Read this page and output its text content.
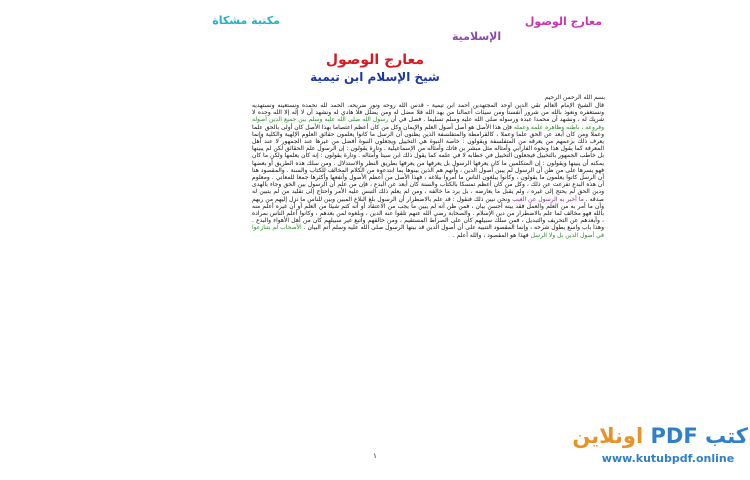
معارج الوصول
الإسلامية
مكتبة مشكاة
معارج الوصول
شيخ الإسلام ابن تيمية
بسم الله الرحمن الرحيم
قال الشيخ الإمام العالم تقي الدين أوحد المجتهدين أحمد ابن تيمية - قدس الله روحه ونور ضريحه. الحمد لله نحمده ونستعينه ونستهديه ونستغفره ونعوذ بالله من شرور أنفسنا ومن سيئات أعمالنا من يهد الله فلا مضل له ومن يضلل فلا هادي له ونشهد أن لا إله إلا الله وحده لا شريك له ، ونشهد أن محمدا عبده ورسوله صلى الله عليه وسلم تسليما . فصل في أن رسول الله صلى الله عليه وسلم بين جميع الدين أصوله وفروعه ، باطنه وظاهره علمه وعمله فإن هذا الأصل هو أصل أصول العلم والإيمان وكل من كان أعظم اعتصاما بهذا الأصل كان أولى بالحق علما وعملا ومن كان أبعد عن الحق علما وعملا ، كالقرامطة والمتفلسفة الذين يظنون أن الرسل ما كانوا يعلمون حقائق العلوم الإلهية والكلية وإنما يعرف ذلك بزعمهم من يعرفه من المتفلسفة ويقولون : خاصة النبوة هي التخييل ويجعلون النبوة أفضل من غيرها عند الجمهور لا عند أهل المعرفة كما يقول هذا ونحوه الفارابي وأمثاله مثل مبشر بن فاتك وأمثاله من الإسماعيلية . وتارة يقولون : إن الرسول علم الحقائق لكن لم يبينها بل خاطب الجمهور بالتخييل فيجعلون التخييل في خطابه لا في علمه كما يقول ذلك ابن سينا وأمثاله . وتارة يقولون : إنه كان يعلمها ولكن ما كان يمكنه أن يبينها ويقولون : إن المتكلمين ما كان يعرفها الرسول بل يعرفها من يعرفها بطريق النظر والاستدلال . ومن سلك هذه الطريق أو بعضها فهو يسرها على من ظن أن الرسول لم يبين أصول الدين ، وأنهم هم الذين بينوها بما ابتدعوه من الكلام المخالف للكتاب والسنة . والمقصود هنا أن الرسل كانوا يعلمون ما يقولون ، وكانوا يبلغون الناس ما أمروا ببلاغه ، فهذا الأصل من أعظم الأصول وأنفعها وأكثرها جمعا للمعاني . ومعلوم أن هذه البدع تفرعت عن ذلك ، وكل من كان أعظم تمسكا بالكتاب والسنة كان أبعد عن البدع ، فإن من علم أن الرسول بين الحق وجاء بالهدى ودين الحق لم يحتج إلى غيره ، ولم يقبل ما يعارضه ، بل يرد ما خالفه ، ومن لم يعلم ذلك التبس عليه الأمر واحتاج إلى تقليد من لم يتبين له صدقه . ما أخبر به الرسول عن الغيب ونحن نبين ذلك فنقول : قد علم بالاضطرار أن الرسول بلغ البلاغ المبين وبين للناس ما نزل إليهم من ربهم وأن ما أمر به من العلم والعمل فقد بينه أحسن بيان ، فمن ظن أنه لم يبين ما يجب من الاعتقاد أو أنه كتم شيئا من العلم أو أن غيره أعلم منه بالله فهو مخالف لما علم بالاضطرار من دين الإسلام . والصحابة رضي الله عنهم تلقوا عنه الدين ، وبلغوه لمن بعدهم ، وكانوا أعلم الناس بمراده ، وأبعدهم عن التحريف والتبديل ، فمن سلك سبيلهم كان على الصراط المستقيم ، ومن خالفهم واتبع غير سبيلهم كان من أهل الأهواء والبدع . وهذا باب واسع يطول شرحه ، وإنما المقصود التنبيه على أن أصول الدين قد بينها الرسول صلى الله عليه وسلم أتم البيان . الأصحاب لم يتنازعوا في أصول الدين بل ولا الرسل فهذا هو المقصود ، والله أعلم .
١
كتب PDF اونلاين
www.kutubpdf.online
